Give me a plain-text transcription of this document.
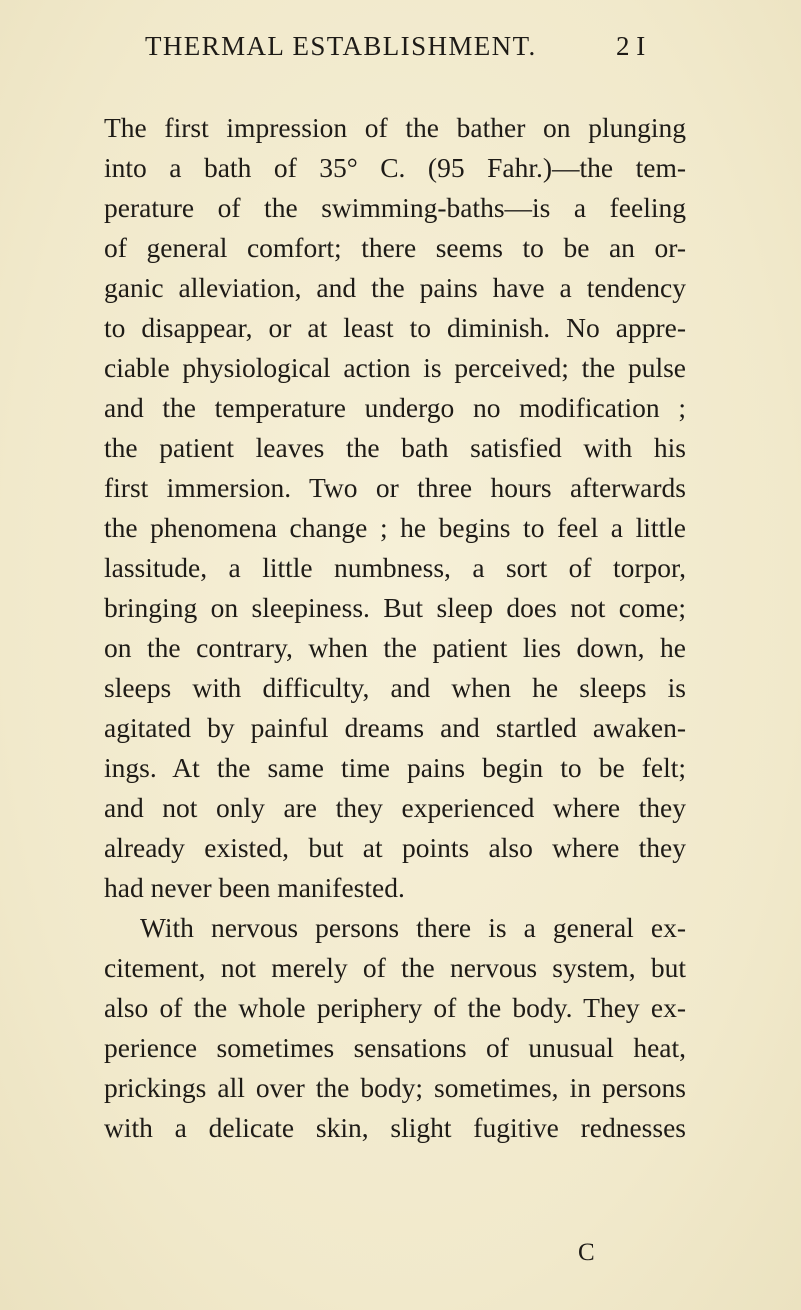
THERMAL ESTABLISHMENT.	2 I
The first impression of the bather on plunging
into a bath of 35° C. (95 Fahr.)—the tem-
perature of the swimming-baths—is a feeling
of general comfort; there seems to be an or-
ganic alleviation, and the pains have a tendency
to disappear, or at least to diminish. No appre-
ciable physiological action is perceived; the pulse
and the temperature undergo no modification ;
the patient leaves the bath satisfied with his
first immersion. Two or three hours afterwards
the phenomena change ; he begins to feel a little
lassitude, a little numbness, a sort of torpor,
bringing on sleepiness. But sleep does not come;
on the contrary, when the patient lies down, he
sleeps with difficulty, and when he sleeps is
agitated by painful dreams and startled awaken-
ings. At the same time pains begin to be felt;
and not only are they experienced where they
already existed, but at points also where they
had never been manifested.
With nervous persons there is a general ex-
citement, not merely of the nervous system, but
also of the whole periphery of the body. They ex-
perience sometimes sensations of unusual heat,
prickings all over the body; sometimes, in persons
with a delicate skin, slight fugitive rednesses
C
